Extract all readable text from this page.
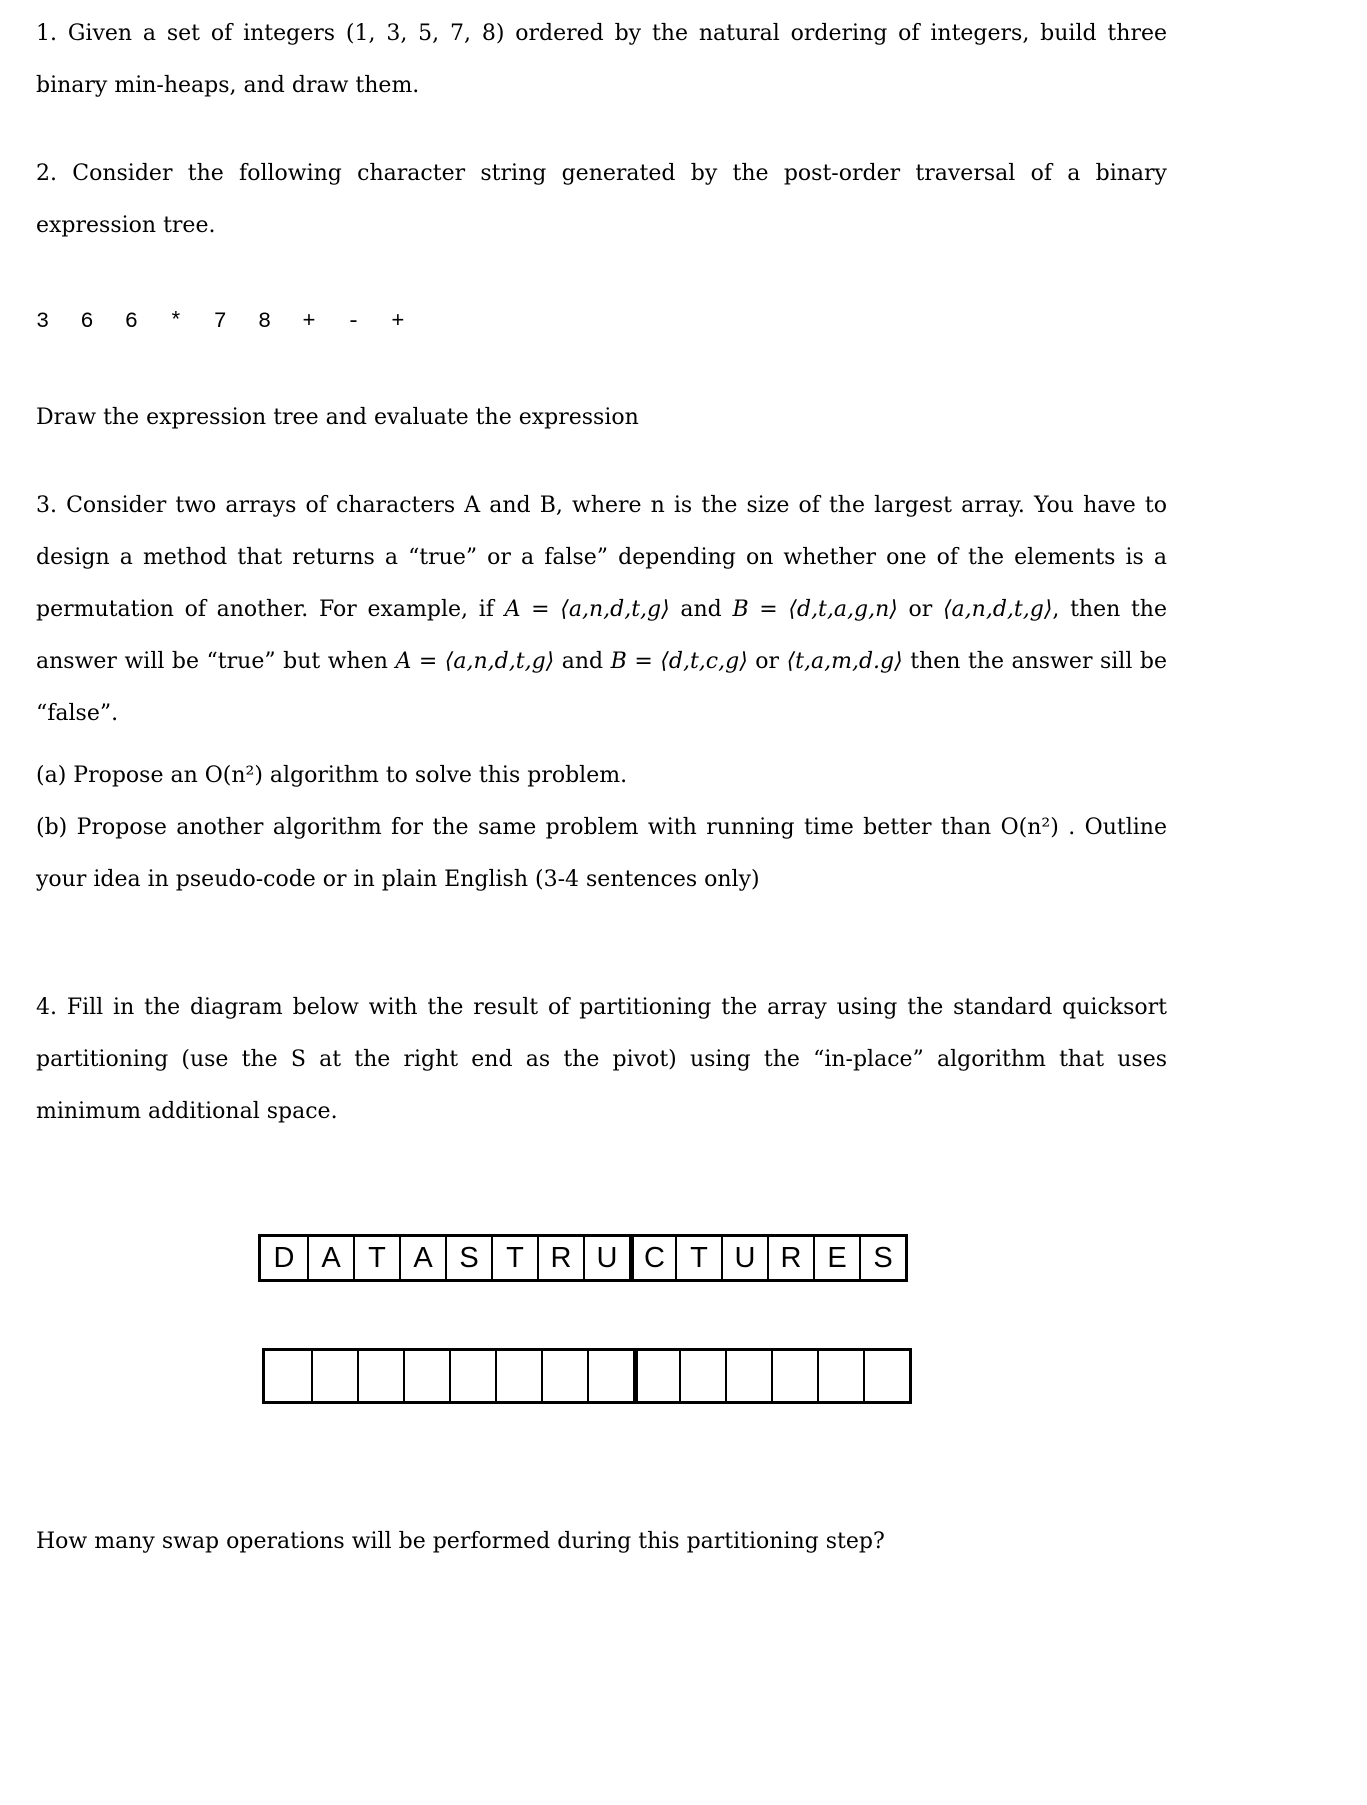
1. Given a set of integers (1, 3, 5, 7, 8) ordered by the natural ordering of integers, build three binary min-heaps, and draw them.

2. Consider the following character string generated by the post-order traversal of a binary expression tree.

3 6 6 * 7 8 + - +

Draw the expression tree and evaluate the expression

3. Consider two arrays of characters A and B, where n is the size of the largest array. You have to design a method that returns a “true” or a false” depending on whether one of the elements is a permutation of another. For example, if A = ⟨a,n,d,t,g⟩ and B = ⟨d,t,a,g,n⟩ or ⟨a,n,d,t,g⟩, then the answer will be “true” but when A = ⟨a,n,d,t,g⟩ and B = ⟨d,t,c,g⟩ or ⟨t,a,m,d.g⟩ then the answer sill be “false”.

(a) Propose an O(n²) algorithm to solve this problem.

(b) Propose another algorithm for the same problem with running time better than O(n²) . Outline your idea in pseudo-code or in plain English (3-4 sentences only)

4. Fill in the diagram below with the result of partitioning the array using the standard quicksort partitioning (use the S at the right end as the pivot) using the “in-place” algorithm that uses minimum additional space.

D A T A S T R U C T U R E S

How many swap operations will be performed during this partitioning step?
